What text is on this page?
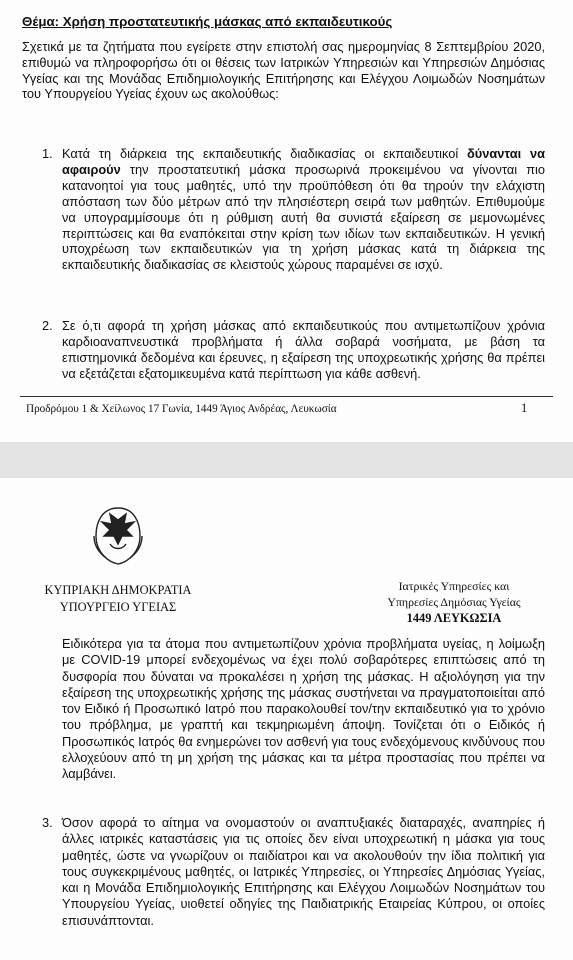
Θέμα: Χρήση προστατευτικής μάσκας από εκπαιδευτικούς
Σχετικά με τα ζητήματα που εγείρετε στην επιστολή σας ημερομηνίας 8 Σεπτεμβρίου 2020, επιθυμώ να πληροφορήσω ότι οι θέσεις των Ιατρικών Υπηρεσιών και Υπηρεσιών Δημόσιας Υγείας και της Μονάδας Επιδημιολογικής Επιτήρησης και Ελέγχου Λοιμωδών Νοσημάτων του Υπουργείου Υγείας έχουν ως ακολούθως:
1. Κατά τη διάρκεια της εκπαιδευτικής διαδικασίας οι εκπαιδευτικοί δύνανται να αφαιρούν την προστατευτική μάσκα προσωρινά προκειμένου να γίνονται πιο κατανοητοί για τους μαθητές, υπό την προϋπόθεση ότι θα τηρούν την ελάχιστη απόσταση των δύο μέτρων από την πλησιέστερη σειρά των μαθητών. Επιθυμούμε να υπογραμμίσουμε ότι η ρύθμιση αυτή θα συνιστά εξαίρεση σε μεμονωμένες περιπτώσεις και θα εναπόκειται στην κρίση των ιδίων των εκπαιδευτικών. Η γενική υποχρέωση των εκπαιδευτικών για τη χρήση μάσκας κατά τη διάρκεια της εκπαιδευτικής διαδικασίας σε κλειστούς χώρους παραμένει σε ισχύ.
2. Σε ό,τι αφορά τη χρήση μάσκας από εκπαιδευτικούς που αντιμετωπίζουν χρόνια καρδιοαναπνευστικά προβλήματα ή άλλα σοβαρά νοσήματα, με βάση τα επιστημονικά δεδομένα και έρευνες, η εξαίρεση της υποχρεωτικής χρήσης θα πρέπει να εξετάζεται εξατομικευμένα κατά περίπτωση για κάθε ασθενή.
Προδρόμου 1 & Χείλωνος 17 Γωνία, 1449 Άγιος Ανδρέας, Λευκωσία	1
ΚΥΠΡΙΑΚΗ ΔΗΜΟΚΡΑΤΙΑ
ΥΠΟΥΡΓΕΙΟ ΥΓΕΙΑΣ
Ιατρικές Υπηρεσίες και
Υπηρεσίες Δημόσιας Υγείας
1449 ΛΕΥΚΩΣΙΑ
Ειδικότερα για τα άτομα που αντιμετωπίζουν χρόνια προβλήματα υγείας, η λοίμωξη με COVID-19 μπορεί ενδεχομένως να έχει πολύ σοβαρότερες επιπτώσεις από τη δυσφορία που δύναται να προκαλέσει η χρήση της μάσκας. Η αξιολόγηση για την εξαίρεση της υποχρεωτικής χρήσης της μάσκας συστήνεται να πραγματοποιείται από τον Ειδικό ή Προσωπικό Ιατρό που παρακολουθεί τον/την εκπαιδευτικό για το χρόνιο του πρόβλημα, με γραπτή και τεκμηριωμένη άποψη. Τονίζεται ότι ο Ειδικός ή Προσωπικός Ιατρός θα ενημερώνει τον ασθενή για τους ενδεχόμενους κινδύνους που ελλοχεύουν από τη μη χρήση της μάσκας και τα μέτρα προστασίας που πρέπει να λαμβάνει.
3. Όσον αφορά το αίτημα να ονομαστούν οι αναπτυξιακές διαταραχές, αναπηρίες ή άλλες ιατρικές καταστάσεις για τις οποίες δεν είναι υποχρεωτική η μάσκα για τους μαθητές, ώστε να γνωρίζουν οι παιδίατροι και να ακολουθούν την ίδια πολιτική για τους συγκεκριμένους μαθητές, οι Ιατρικές Υπηρεσίες, οι Υπηρεσίες Δημόσιας Υγείας, και η Μονάδα Επιδημιολογικής Επιτήρησης και Ελέγχου Λοιμωδών Νοσημάτων του Υπουργείου Υγείας, υιοθετεί οδηγίες της Παιδιατρικής Εταιρείας Κύπρου, οι οποίες επισυνάπτονται.
